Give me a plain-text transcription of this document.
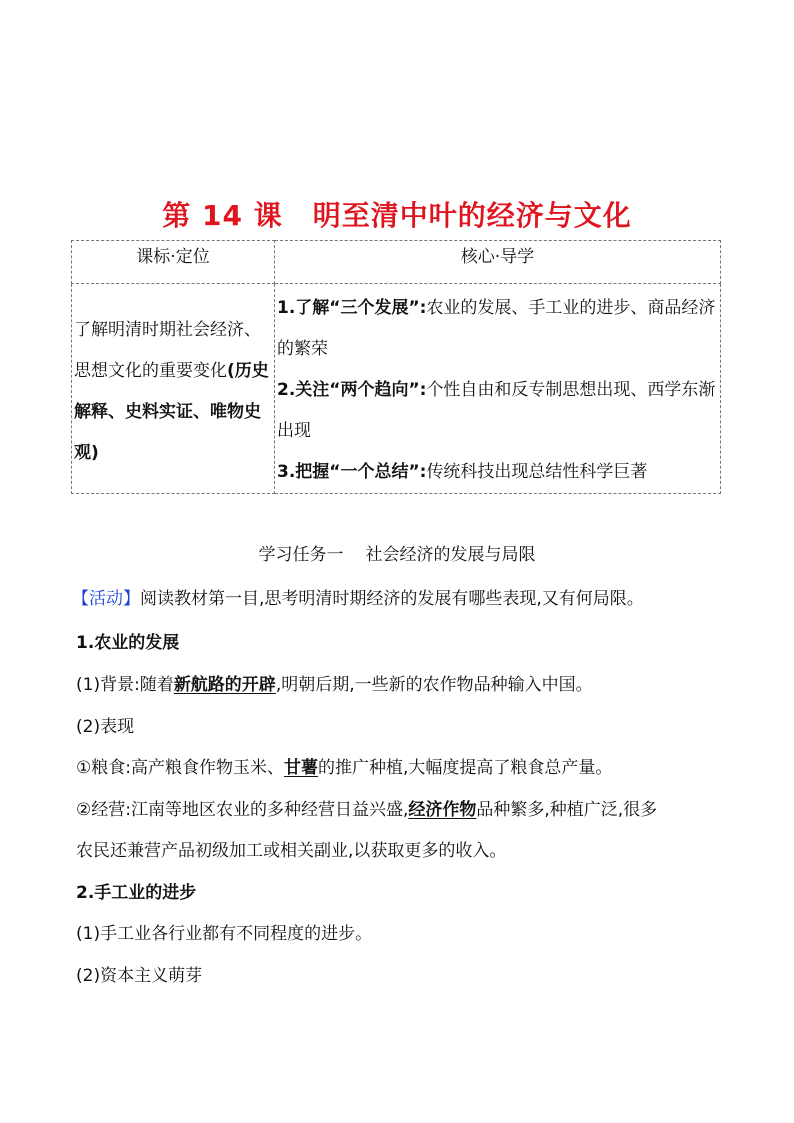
第 14 课 明至清中叶的经济与文化
课标·定位	核心·导学
了解明清时期社会经济、思想文化的重要变化(历史解释、史料实证、唯物史观)	1.了解“三个发展”:农业的发展、手工业的进步、商品经济的繁荣
2.关注“两个趋向”:个性自由和反专制思想出现、西学东渐出现
3.把握“一个总结”:传统科技出现总结性科学巨著
学习任务一 社会经济的发展与局限
【活动】阅读教材第一目,思考明清时期经济的发展有哪些表现,又有何局限。
1.农业的发展
(1)背景:随着新航路的开辟,明朝后期,一些新的农作物品种输入中国。
(2)表现
①粮食:高产粮食作物玉米、甘薯的推广种植,大幅度提高了粮食总产量。
②经营:江南等地区农业的多种经营日益兴盛,经济作物品种繁多,种植广泛,很多
农民还兼营产品初级加工或相关副业,以获取更多的收入。
2.手工业的进步
(1)手工业各行业都有不同程度的进步。
(2)资本主义萌芽
